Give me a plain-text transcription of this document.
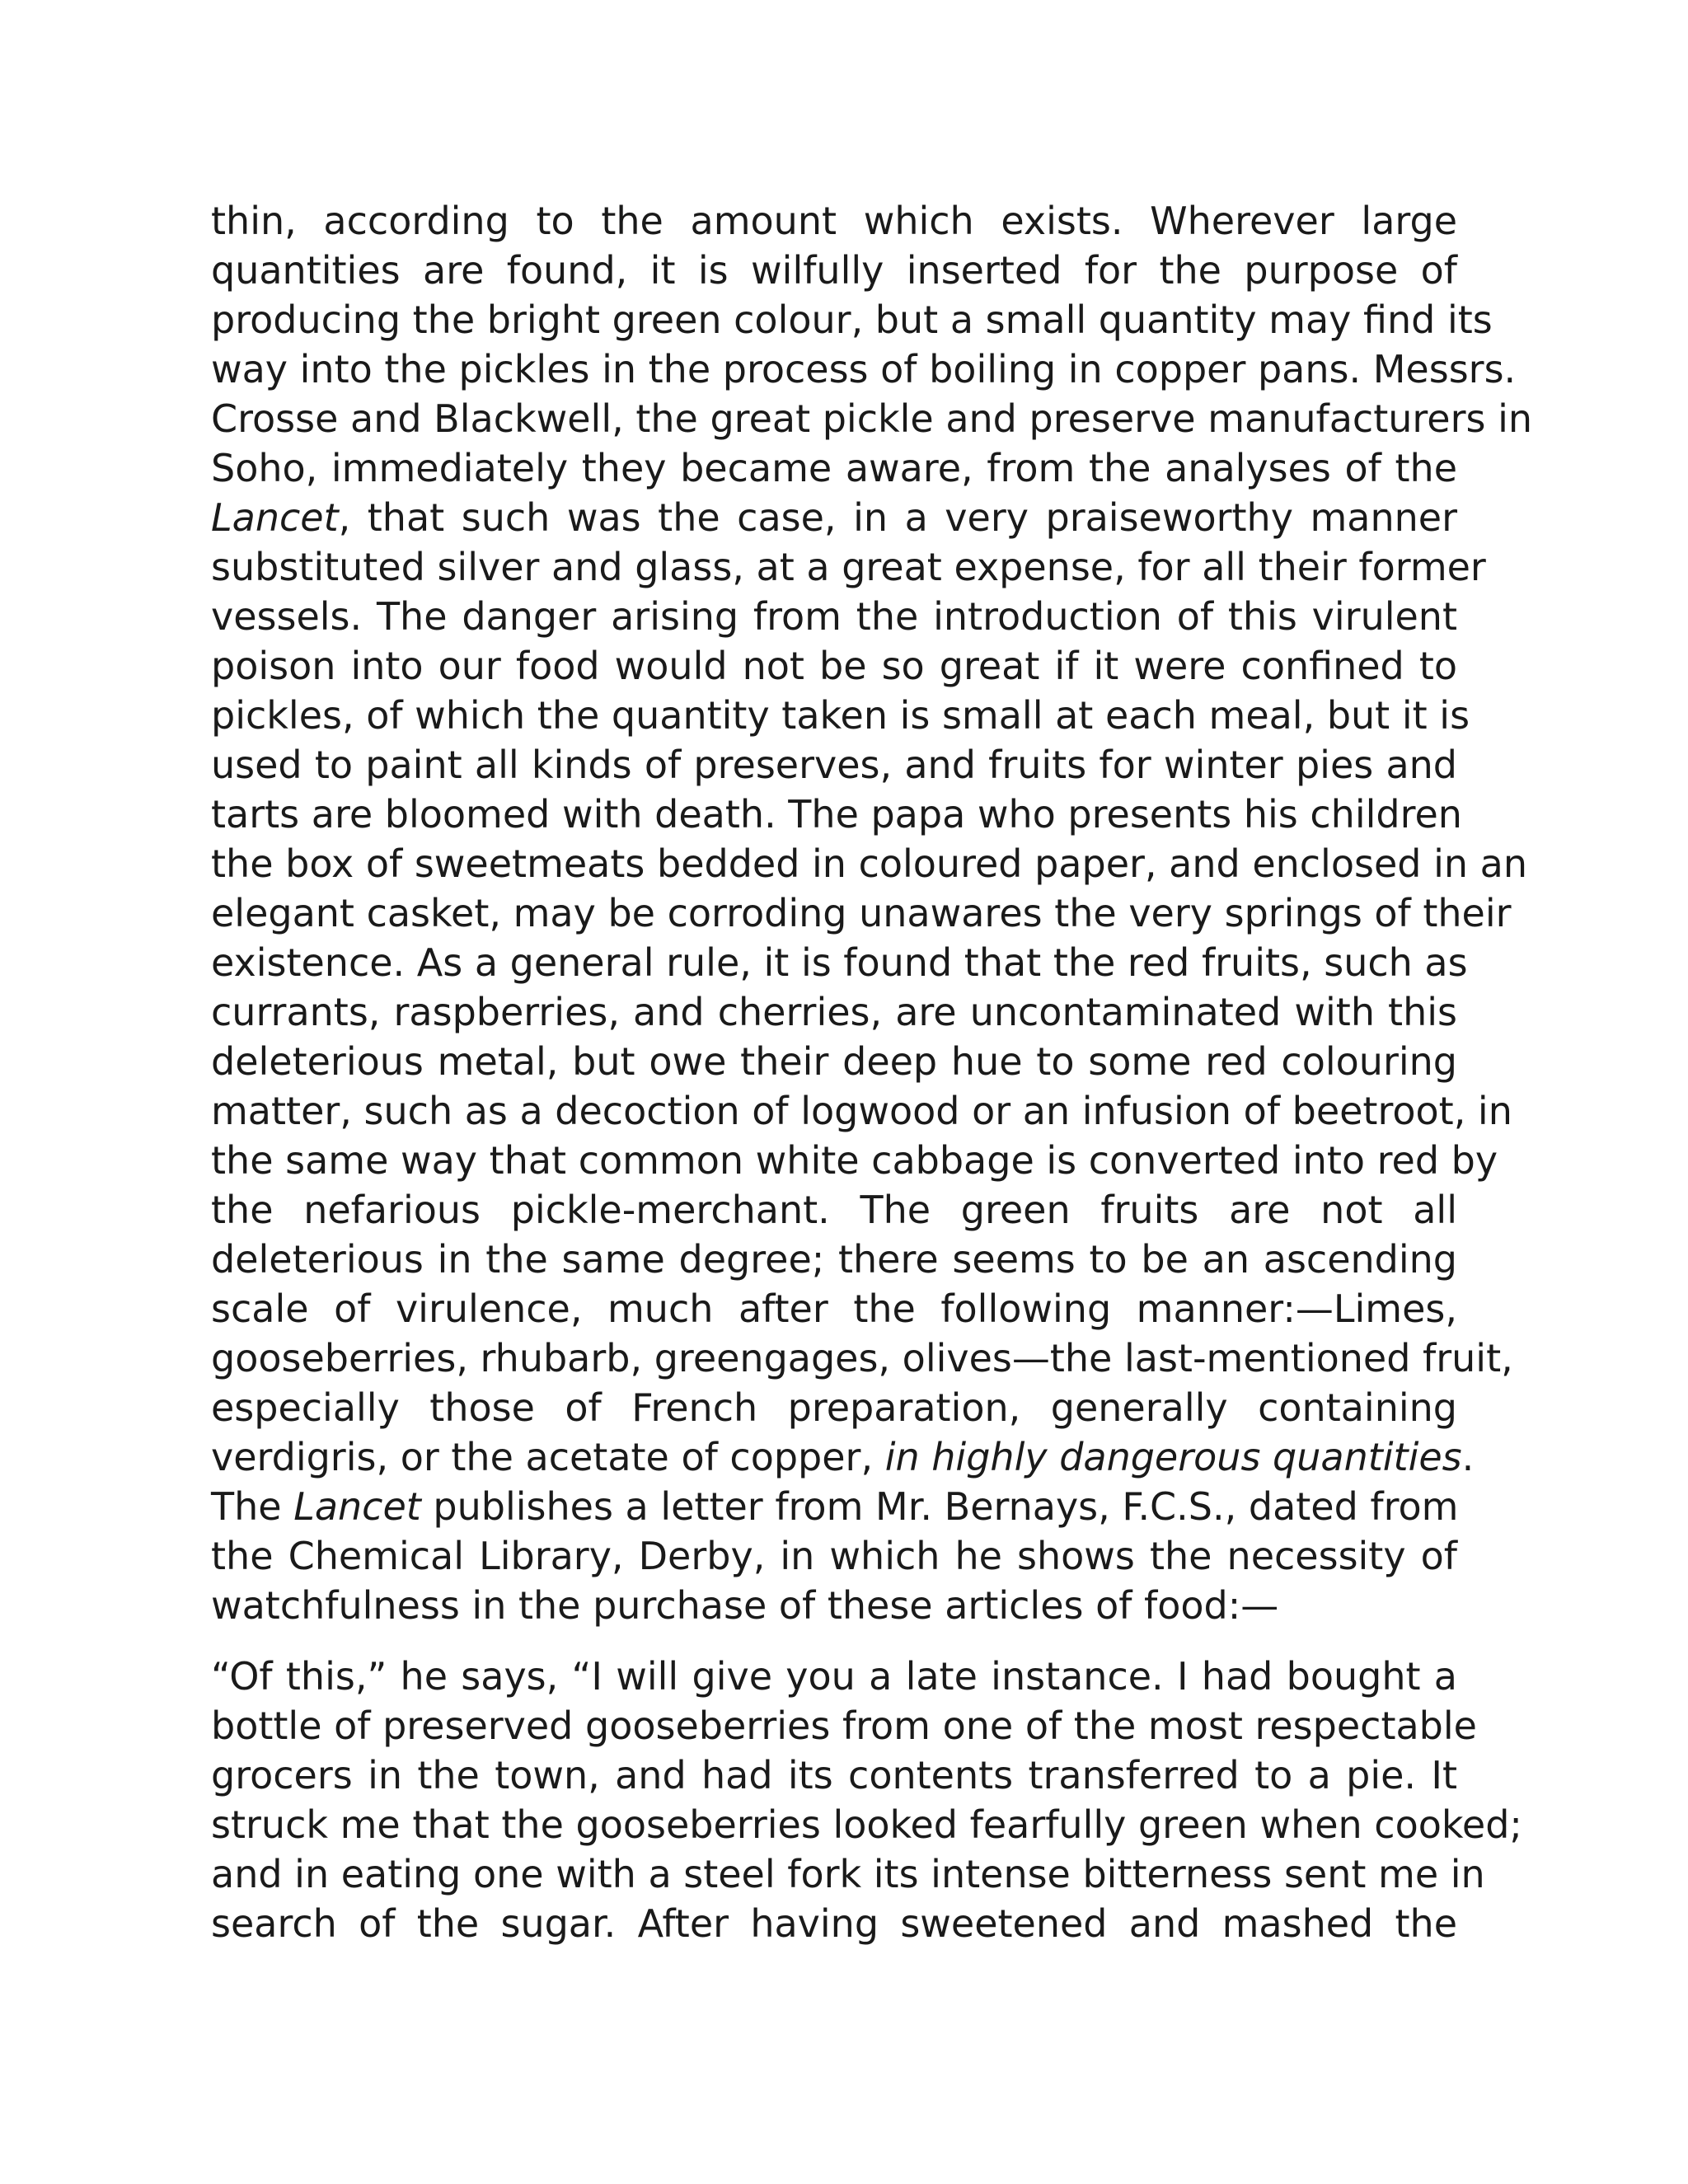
thin, according to the amount which exists. Wherever large
quantities are found, it is wilfully inserted for the purpose of
producing the bright green colour, but a small quantity may find its
way into the pickles in the process of boiling in copper pans. Messrs.
Crosse and Blackwell, the great pickle and preserve manufacturers in
Soho, immediately they became aware, from the analyses of the
Lancet, that such was the case, in a very praiseworthy manner
substituted silver and glass, at a great expense, for all their former
vessels. The danger arising from the introduction of this virulent
poison into our food would not be so great if it were confined to
pickles, of which the quantity taken is small at each meal, but it is
used to paint all kinds of preserves, and fruits for winter pies and
tarts are bloomed with death. The papa who presents his children
the box of sweetmeats bedded in coloured paper, and enclosed in an
elegant casket, may be corroding unawares the very springs of their
existence. As a general rule, it is found that the red fruits, such as
currants, raspberries, and cherries, are uncontaminated with this
deleterious metal, but owe their deep hue to some red colouring
matter, such as a decoction of logwood or an infusion of beetroot, in
the same way that common white cabbage is converted into red by
the nefarious pickle-merchant. The green fruits are not all
deleterious in the same degree; there seems to be an ascending
scale of virulence, much after the following manner:—Limes,
gooseberries, rhubarb, greengages, olives—the last-mentioned fruit,
especially those of French preparation, generally containing
verdigris, or the acetate of copper, in highly dangerous quantities.
The Lancet publishes a letter from Mr. Bernays, F.C.S., dated from
the Chemical Library, Derby, in which he shows the necessity of
watchfulness in the purchase of these articles of food:—

“Of this,” he says, “I will give you a late instance. I had bought a
bottle of preserved gooseberries from one of the most respectable
grocers in the town, and had its contents transferred to a pie. It
struck me that the gooseberries looked fearfully green when cooked;
and in eating one with a steel fork its intense bitterness sent me in
search of the sugar. After having sweetened and mashed the
